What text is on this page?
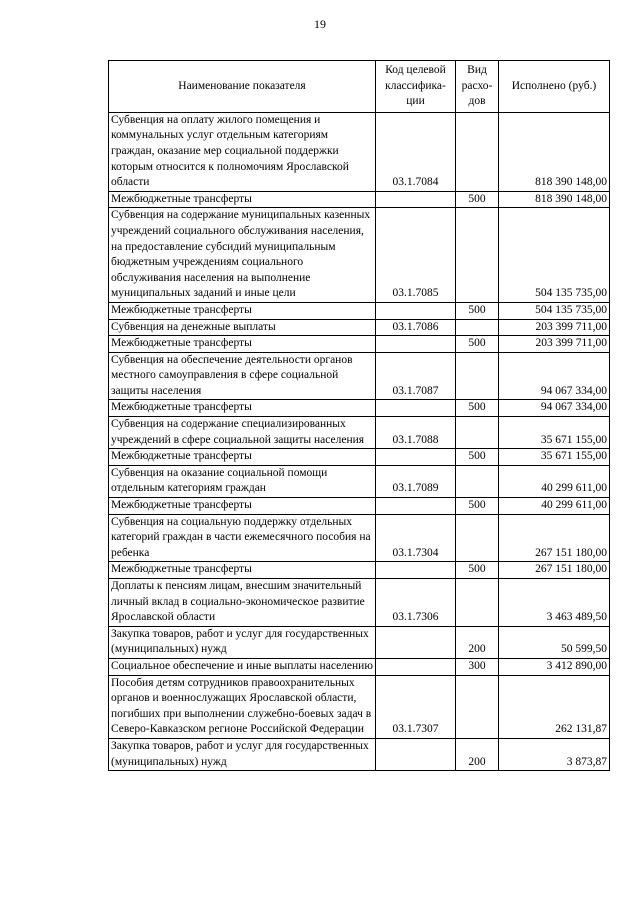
19
Наименование показателя	Код целевой классифика-ции	Вид расхо-дов	Исполнено (руб.)
Субвенция на оплату жилого помещения и коммунальных услуг отдельным категориям граждан, оказание мер социальной поддержки которым относится к полномочиям Ярославской области	03.1.7084		818 390 148,00
Межбюджетные трансферты		500	818 390 148,00
Субвенция на содержание муниципальных казенных учреждений социального обслуживания населения, на предоставление субсидий муниципальным бюджетным учреждениям социального обслуживания населения на выполнение муниципальных заданий и иные цели	03.1.7085		504 135 735,00
Межбюджетные трансферты		500	504 135 735,00
Субвенция на денежные выплаты	03.1.7086		203 399 711,00
Межбюджетные трансферты		500	203 399 711,00
Субвенция на обеспечение деятельности органов местного самоуправления в сфере социальной защиты населения	03.1.7087		94 067 334,00
Межбюджетные трансферты		500	94 067 334,00
Субвенция на содержание специализированных учреждений в сфере социальной защиты населения	03.1.7088		35 671 155,00
Межбюджетные трансферты		500	35 671 155,00
Субвенция на оказание социальной помощи отдельным категориям граждан	03.1.7089		40 299 611,00
Межбюджетные трансферты		500	40 299 611,00
Субвенция на социальную поддержку отдельных категорий граждан в части ежемесячного пособия на ребенка	03.1.7304		267 151 180,00
Межбюджетные трансферты		500	267 151 180,00
Доплаты к пенсиям лицам, внесшим значительный личный вклад в социально-экономическое развитие Ярославской области	03.1.7306		3 463 489,50
Закупка товаров, работ и услуг для государственных (муниципальных) нужд		200	50 599,50
Социальное обеспечение и иные выплаты населению		300	3 412 890,00
Пособия детям сотрудников правоохранительных органов и военнослужащих Ярославской области, погибших при выполнении служебно-боевых задач в Северо-Кавказском регионе Российской Федерации	03.1.7307		262 131,87
Закупка товаров, работ и услуг для государственных (муниципальных) нужд		200	3 873,87
